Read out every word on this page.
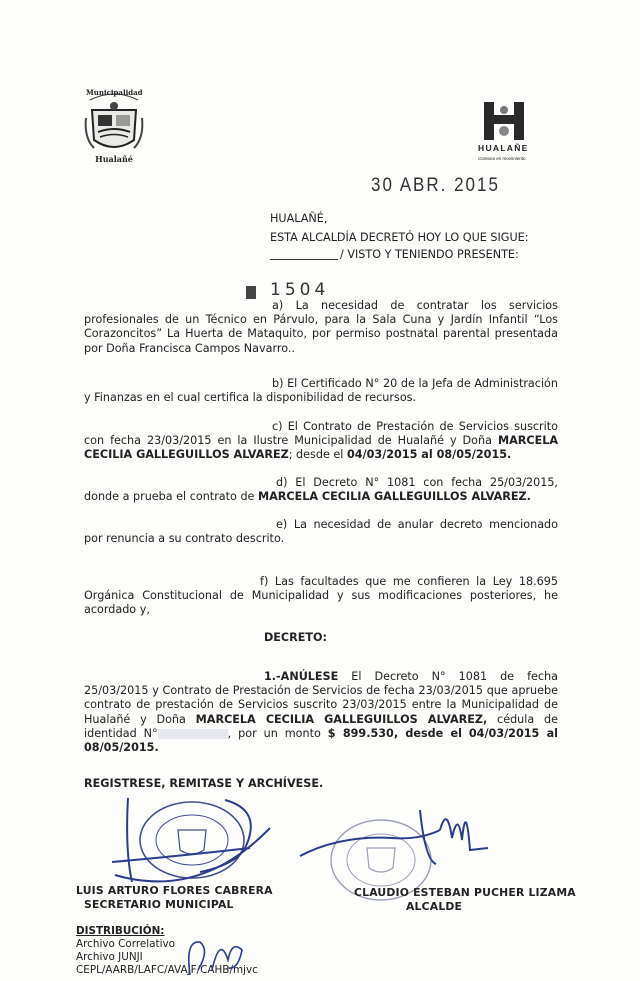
Municipalidad
Hualañé
HUALAÑE
Comuna en movimiento
30 ABR. 2015
HUALAÑÉ,
ESTA ALCALDÍA DECRETÓ HOY LO QUE SIGUE:
/ VISTO Y TENIENDO PRESENTE:
1504
a) La necesidad de contratar los servicios profesionales de un Técnico en Párvulo, para la Sala Cuna y Jardín Infantil “Los Corazoncitos” La Huerta de Mataquito, por permiso postnatal parental presentada por Doña Francisca Campos Navarro..
b) El Certificado N° 20 de la Jefa de Administración y Finanzas en el cual certifica la disponibilidad de recursos.
c) El Contrato de Prestación de Servicios suscrito con fecha 23/03/2015 en la Ilustre Municipalidad de Hualañé y Doña MARCELA CECILIA GALLEGUILLOS ALVAREZ; desde el 04/03/2015 al 08/05/2015.
d) El Decreto N° 1081 con fecha 25/03/2015, donde a prueba el contrato de MARCELA CECILIA GALLEGUILLOS ALVAREZ.
e) La necesidad de anular decreto mencionado por renuncia a su contrato descrito.
f) Las facultades que me confieren la Ley 18.695 Orgánica Constitucional de Municipalidad y sus modificaciones posteriores, he acordado y,
DECRETO:
1.-ANÚLESE El Decreto N° 1081 de fecha 25/03/2015 y Contrato de Prestación de Servicios de fecha 23/03/2015 que apruebe contrato de prestación de Servicios suscrito 23/03/2015 entre la Municipalidad de Hualañé y Doña MARCELA CECILIA GALLEGUILLOS ALVAREZ, cédula de identidad N°	, por un monto $ 899.530, desde el 04/03/2015 al 08/05/2015.
REGISTRESE, REMITASE Y ARCHÍVESE.
LUIS ARTURO FLORES CABRERA
SECRETARIO MUNICIPAL
CLAUDIO ESTEBAN PUCHER LIZAMA
ALCALDE
DISTRIBUCIÓN:
Archivo Correlativo
Archivo JUNJI
CEPL/AARB/LAFC/AVAJF/CAHB/mjvc
